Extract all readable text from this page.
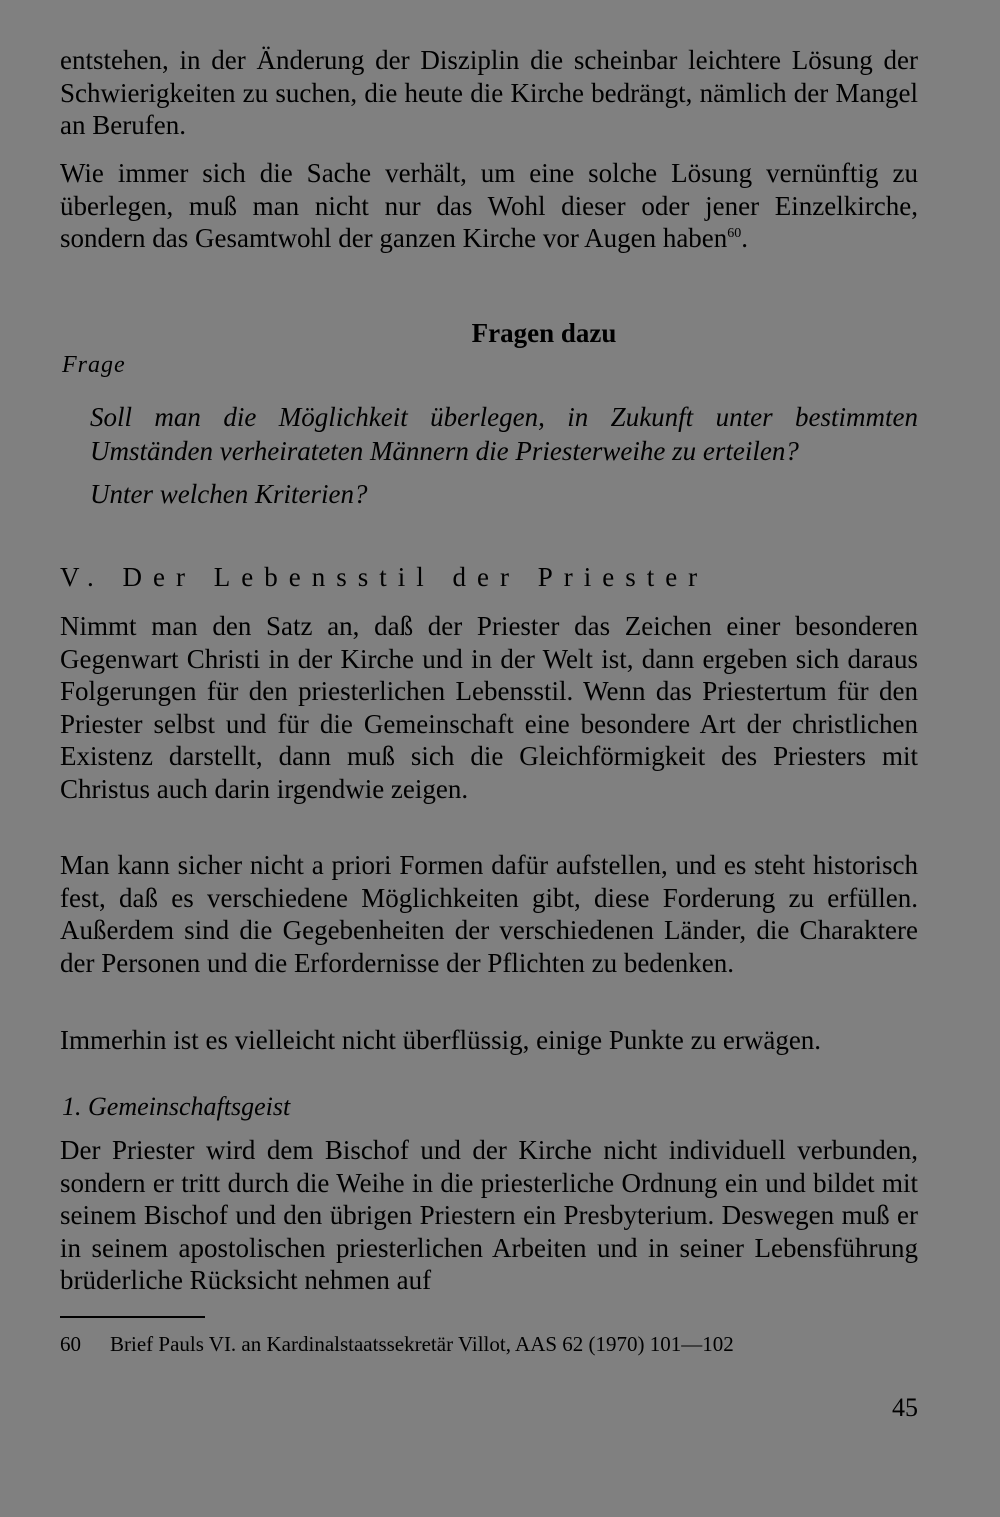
entstehen, in der Änderung der Disziplin die scheinbar leichtere Lösung der Schwierigkeiten zu suchen, die heute die Kirche bedrängt, nämlich der Mangel an Berufen.

Wie immer sich die Sache verhält, um eine solche Lösung vernünftig zu überlegen, muß man nicht nur das Wohl dieser oder jener Einzelkirche, sondern das Gesamtwohl der ganzen Kirche vor Augen haben$^{60}$.

Fragen dazu
Frage
Soll man die Möglichkeit überlegen, in Zukunft unter bestimmten Umständen verheirateten Männern die Priesterweihe zu erteilen?
Unter welchen Kriterien?
V. Der Lebensstil der Priester

Nimmt man den Satz an, daß der Priester das Zeichen einer besonderen Gegenwart Christi in der Kirche und in der Welt ist, dann ergeben sich daraus Folgerungen für den priesterlichen Lebensstil. Wenn das Priestertum für den Priester selbst und für die Gemeinschaft eine besondere Art der christlichen Existenz darstellt, dann muß sich die Gleichförmigkeit des Priesters mit Christus auch darin irgendwie zeigen.

Man kann sicher nicht a priori Formen dafür aufstellen, und es steht historisch fest, daß es verschiedene Möglichkeiten gibt, diese Forderung zu erfüllen. Außerdem sind die Gegebenheiten der verschiedenen Länder, die Charaktere der Personen und die Erfordernisse der Pflichten zu bedenken.

Immerhin ist es vielleicht nicht überflüssig, einige Punkte zu erwägen.

1. Gemeinschaftsgeist

Der Priester wird dem Bischof und der Kirche nicht individuell verbunden, sondern er tritt durch die Weihe in die priesterliche Ordnung ein und bildet mit seinem Bischof und den übrigen Priestern ein Presbyterium. Deswegen muß er in seinem apostolischen priesterlichen Arbeiten und in seiner Lebensführung brüderliche Rücksicht nehmen auf

60 Brief Pauls VI. an Kardinalstaatssekretär Villot, AAS 62 (1970) 101—102
45
